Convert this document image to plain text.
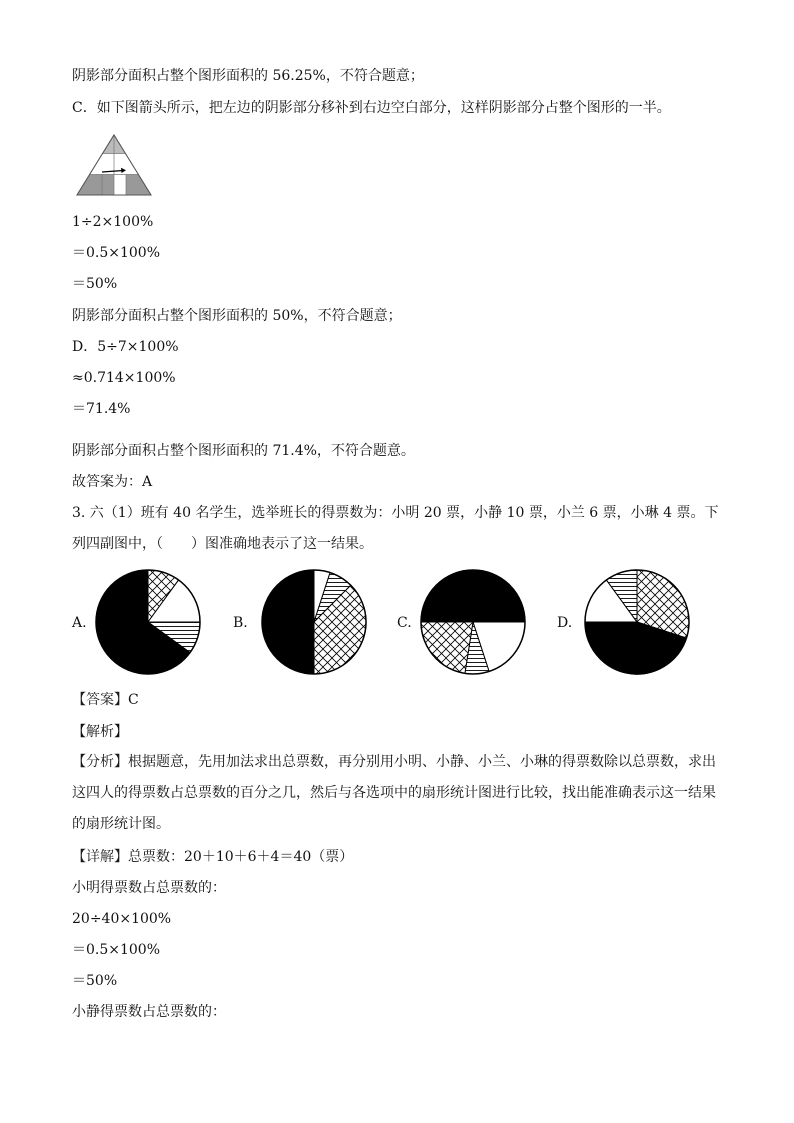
阴影部分面积占整个图形面积的 56.25%，不符合题意；
C．如下图箭头所示，把左边的阴影部分移补到右边空白部分，这样阴影部分占整个图形的一半。
1÷2×100%
＝0.5×100%
＝50%
阴影部分面积占整个图形面积的 50%，不符合题意；
D．5÷7×100%
≈0.714×100%
＝71.4%
阴影部分面积占整个图形面积的 71.4%，不符合题意。
故答案为：A
3. 六（1）班有 40 名学生，选举班长的得票数为：小明 20 票，小静 10 票，小兰 6 票，小琳 4 票。下列四副图中，（　　）图准确地表示了这一结果。
A.	B.	C.	D.
【答案】C
【解析】
【分析】根据题意，先用加法求出总票数，再分别用小明、小静、小兰、小琳的得票数除以总票数，求出这四人的得票数占总票数的百分之几，然后与各选项中的扇形统计图进行比较，找出能准确表示这一结果的扇形统计图。
【详解】总票数：20＋10＋6＋4＝40（票）
小明得票数占总票数的：
20÷40×100%
＝0.5×100%
＝50%
小静得票数占总票数的：
